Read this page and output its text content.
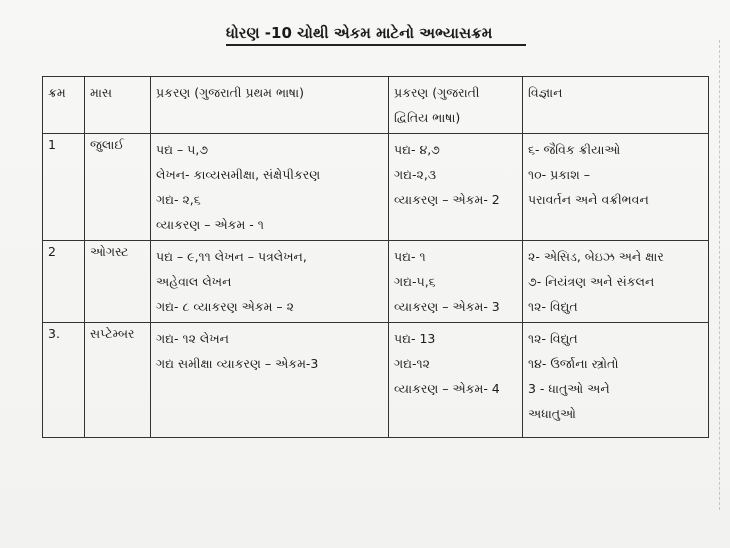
ધોરણ -10 ચોથી એકમ માટેનો અભ્યાસક્રમ
ક્રમ	માસ	પ્રકરણ (ગુજરાતી પ્રથમ ભાષા)	પ્રકરણ (ગુજરાતી
દ્વિતિય ભાષા)	વિજ્ઞાન
1	જુલાઈ	પદ્ય – ૫,૭
લેખન- કાવ્યસમીક્ષા, સંક્ષેપીકરણ
ગદ્ય- ૨,૬
વ્યાકરણ – એકમ - ૧	પદ્ય- ૪,૭
ગદ્ય-૨,૩
વ્યાકરણ – એકમ- 2	૬- જૈવિક ક્રીયાઓ
૧૦- પ્રકાશ –
પરાવર્તન અને વક્રીભવન

2	ઓગસ્ટ	પદ્ય – ૯,૧૧ લેખન – પત્રલેખન,
અહેવાલ લેખન
ગદ્ય- ૮ વ્યાકરણ એકમ – ૨	પદ્ય- ૧
ગદ્ય-૫,૬
વ્યાકરણ – એકમ- 3	૨- એસિડ, બેઇઝ અને ક્ષાર
૭- નિયંત્રણ અને સંકલન
૧૨- વિદ્યુત

3.	સપ્ટેમ્બર	ગદ્ય- ૧૨ લેખન
ગદ્ય સમીક્ષા વ્યાકરણ – એકમ-3	પદ્ય- 13
ગદ્ય-૧૨
વ્યાકરણ – એકમ- 4	૧૨- વિદ્યુત
૧૪- ઉર્જાના સ્ત્રોતો
3 - ધાતુઓ અને
અધાતુઓ
